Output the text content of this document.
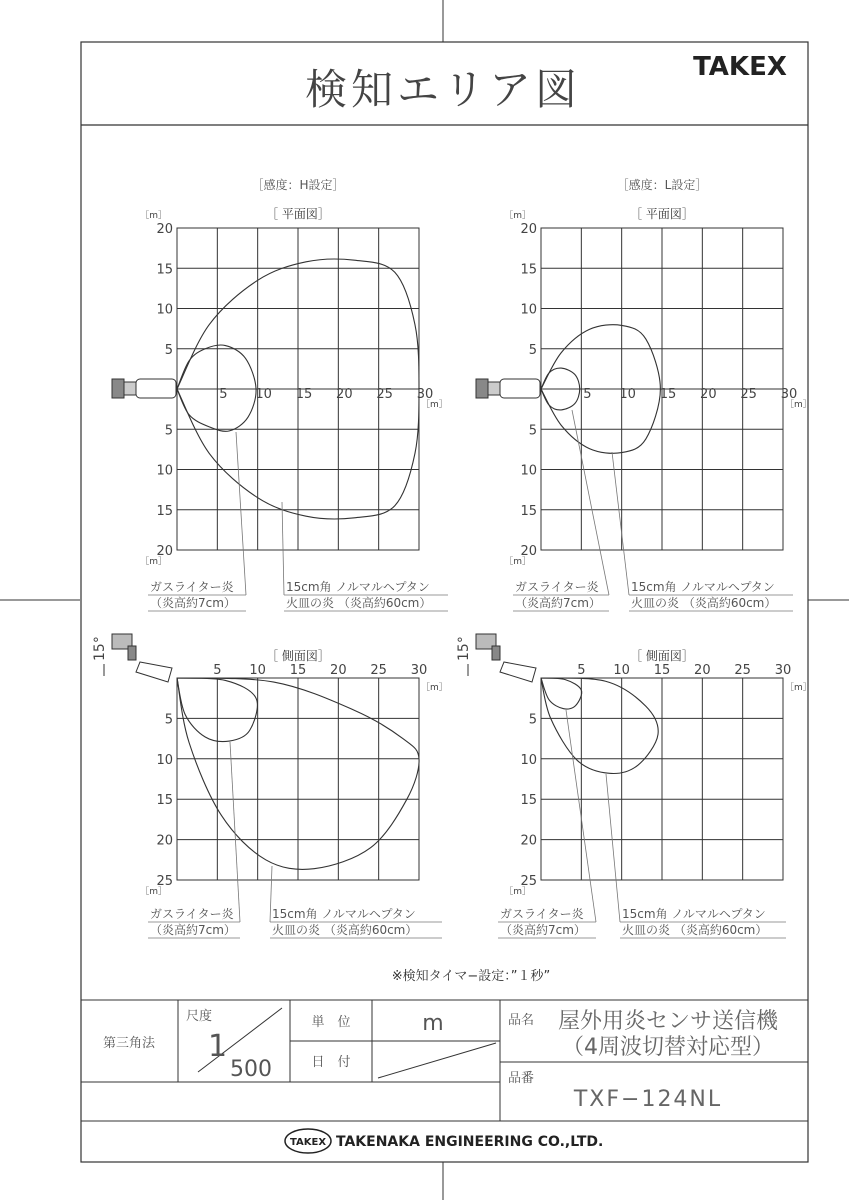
検知エリア図	TAKEX
［感度：H設定］	［感度：L設定］
［ 平面図］	［ 平面図］
［ 側面図］	［ 側面図］
20
15
10
5
5
10
15
20
5 10 15 20 25 30
［m］
［m］
［m］
20
15
10
5
5
10
15
20
5 10 15 20 25 30
［m］
［m］
［m］
5 10 15 20 25 30
5
10
15
20
25
［m］
［m］
5 10 15 20 25 30
5
10
15
20
25
［m］
［m］
15°	15°
ガスライター炎
（炎高約7cm）
15cm角 ノルマルヘプタン
火皿の炎 （炎高約60cm）
ガスライター炎
（炎高約7cm）
15cm角 ノルマルヘプタン
火皿の炎 （炎高約60cm）
ガスライター炎
（炎高約7cm）
15cm角 ノルマルヘプタン
火皿の炎 （炎高約60cm）
ガスライター炎
（炎高約7cm）
15cm角 ノルマルヘプタン
火皿の炎 （炎高約60cm）
※検知タイマ−設定：”１秒”
第三角法
尺度
1
500
単　位	m
日　付
品名 屋外用炎センサ送信機
（4周波切替対応型）
品番
TXF−124NL
TAKEX TAKENAKA ENGINEERING CO.,LTD.
